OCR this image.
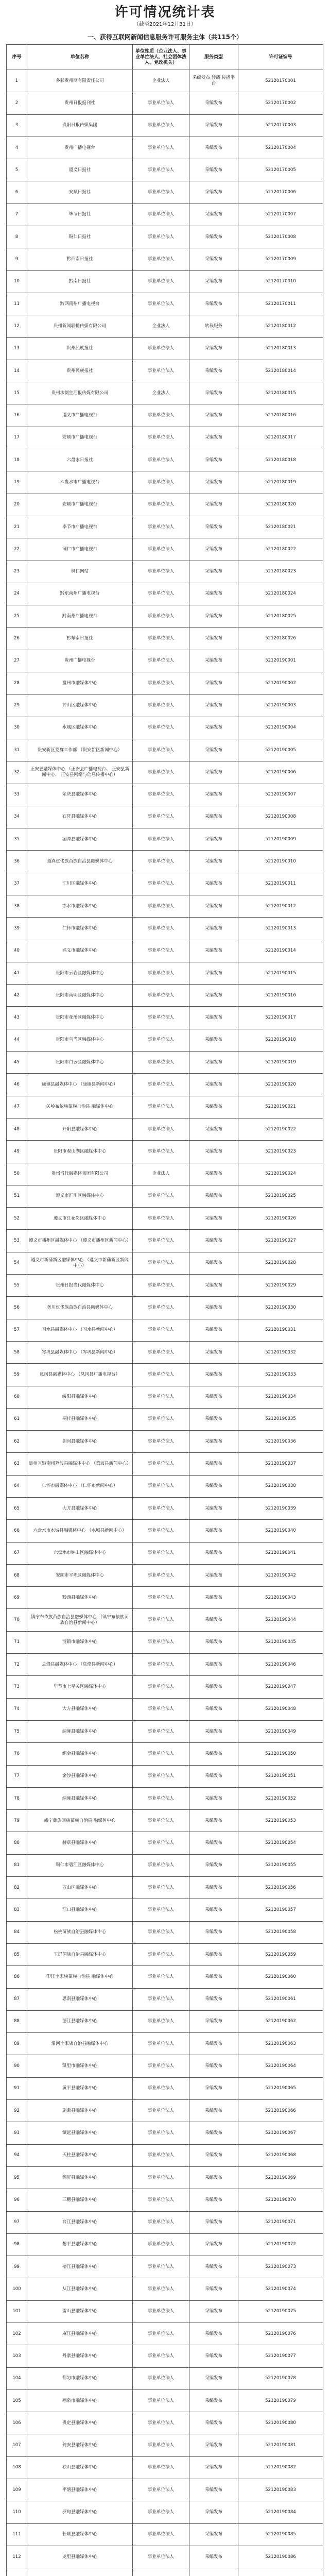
许可情况统计表

（截至2021年12月31日）

一、获得互联网新闻信息服务许可服务主体（共115个）

序号	单位名称	单位性质（企业法人、事业单位法人、社会团体法人、党政机关）	服务类型	许可证编号
1	多彩贵州网有限责任公司	企业法人	采编发布 转载 传播平台	52120170001
2	贵州日报报刊社	事业单位法人	采编发布	52120170002
3	贵阳日报传媒集团	事业单位法人	采编发布	52120170003
4	贵州广播电视台	事业单位法人	采编发布	52120170004
5	遵义日报社	事业单位法人	采编发布	52120170005
6	安顺日报社	事业单位法人	采编发布	52120170006
7	毕节日报社	事业单位法人	采编发布	52120170007
8	铜仁日报社	事业单位法人	采编发布	52120170008
9	黔西南日报社	事业单位法人	采编发布	52120170009
10	黔南日报社	事业单位法人	采编发布	52120170010
11	黔西南州广播电视台	事业单位法人	采编发布	52120170011
12	贵州新闻联播传媒有限公司	企业法人	转载服务	52120180012
13	贵州民族报社	事业单位法人	采编发布	52120180013
14	贵州民族报社	事业单位法人	采编发布	52120180014
15	贵州法制生活报传媒有限公司	企业法人	采编发布	52120180015
16	遵义市广播电视台	事业单位法人	采编发布	52120180016
17	安顺市广播电视台	事业单位法人	采编发布	52120180017
18	六盘水日报社	事业单位法人	采编发布	52120180018
19	六盘水市广播电视台	事业单位法人	采编发布	52120180019
20	安顺市广播电视台	事业单位法人	采编发布	52120180020
21	毕节市广播电视台	事业单位法人	采编发布	52120180021
22	铜仁市广播电视台	事业单位法人	采编发布	52120180022
23	铜仁网站	事业单位法人	采编发布	52120180023
24	黔东南州广播电视台	事业单位法人	采编发布	52120180024
25	黔南州广播电视台	事业单位法人	采编发布	52120180025
26	黔东南日报社	事业单位法人	采编发布	52120180026
27	贵州广播电视台	事业单位法人	采编发布	52120190001
28	盘州市融媒体中心	事业单位法人	采编发布	52120190002
29	钟山区融媒体中心	事业单位法人	采编发布	52120190003
30	水城区融媒体中心	事业单位法人	采编发布	52120190004
31	贵安新区党群工作部 （贵安新区新闻中心）	事业单位法人	采编发布	52120190005
32	正安县融媒体中心 （正安县广播电视台、 正安县新闻中心、 正安县网络与信息传播中心）	事业单位法人	采编发布	52120190006
33	余庆县融媒体中心	事业单位法人	采编发布	52120190007
34	石阡县融媒体中心	事业单位法人	采编发布	52120190008
35	湄潭县融媒体中心	事业单位法人	采编发布	52120190009
36	道真仡佬族苗族自治县融媒体中心	事业单位法人	采编发布	52120190010
37	汇川区融媒体中心	事业单位法人	采编发布	52120190011
38	赤水市融媒体中心	事业单位法人	采编发布	52120190012
39	仁怀市融媒体中心	事业单位法人	采编发布	52120190013
40	兴义市融媒体中心	事业单位法人	采编发布	52120190014
41	贵阳市云岩区融媒体中心	事业单位法人	采编发布	52120190015
42	贵阳市南明区融媒体中心	事业单位法人	采编发布	52120190016
43	贵阳市花溪区融媒体中心	事业单位法人	采编发布	52120190017
44	贵阳市乌当区融媒体中心	事业单位法人	采编发布	52120190018
45	贵阳市白云区融媒体中心	事业单位法人	采编发布	52120190019
46	康镇县融媒体中心 （康镇县新闻中心）	事业单位法人	采编发布	52120190020
47	关岭布依族苗族自治县 融媒体中心	事业单位法人	采编发布	52120190021
48	开阳县融媒体中心	事业单位法人	采编发布	52120190022
49	贵阳市观山湖区融媒体中心	事业单位法人	采编发布	52120190023
50	贵州当代融媒体集团有限公司	企业法人	采编发布	52120190024
51	遵义市汇川区融媒体中心	事业单位法人	采编发布	52120190025
52	遵义市红花岗区融媒体中心	事业单位法人	采编发布	52120190026
53	遵义市播州区融媒体中心 （遵义市播州区新闻中心）	事业单位法人	采编发布	52120190027
54	遵义市新蒲新区融媒体中心 （遵义市新蒲新区新闻中心）	事业单位法人	采编发布	52120190028
55	贵州日报当代融媒体中心	事业单位法人	采编发布	52120190029
56	务川仡佬族苗族自治县融媒体中心	事业单位法人	采编发布	52120190030
57	习水县融媒体中心 （习水县新闻中心）	事业单位法人	采编发布	52120190031
58	岑巩县融媒体中心 （岑巩县新闻中心）	事业单位法人	采编发布	52120190032
59	凤冈县融媒体中心 （凤冈县广播电视台）	事业单位法人	采编发布	52120190033
60	绥阳县融媒体中心	事业单位法人	采编发布	52120190034
61	桐梓县融媒体中心	事业单位法人	采编发布	52120190035
62	剑河县融媒体中心	事业单位法人	采编发布	52120190036
63	贵州省黔南州荔波县融媒体中心 （荔波县新闻中心）	事业单位法人	采编发布	52120190037
64	仁怀市融媒体中心 （仁怀市新闻中心）	事业单位法人	采编发布	52120190038
65	大方县融媒体中心	事业单位法人	采编发布	52120190039
66	六盘水市水城县融媒体中心 （水城县新闻中心）	事业单位法人	采编发布	52120190040
67	六盘水市钟山区融媒体中心	事业单位法人	采编发布	52120190041
68	安顺市平坝区融媒体中心	事业单位法人	采编发布	52120190042
69	黔西县融媒体中心	事业单位法人	采编发布	52120190043
70	镇宁布依族苗族自治县融媒体中心 （镇宁布依族苗族自治县新闻中心）	事业单位法人	采编发布	52120190044
71	清镇市融媒体中心	事业单位法人	采编发布	52120190045
72	息烽县融媒体中心 （息烽县新闻中心）	事业单位法人	采编发布	52120190046
73	毕节市七星关区融媒体中心	事业单位法人	采编发布	52120190047
74	大方县融媒体中心	事业单位法人	采编发布	52120190048
75	纳雍县融媒体中心	事业单位法人	采编发布	52120190049
76	织金县融媒体中心	事业单位法人	采编发布	52120190050
77	金沙县融媒体中心	事业单位法人	采编发布	52120190051
78	纳雍县融媒体中心	事业单位法人	采编发布	52120190052
79	威宁彝族回族苗族自治县 融媒体中心	事业单位法人	采编发布	52120190053
80	赫章县融媒体中心	事业单位法人	采编发布	52120190054
81	铜仁市碧江区融媒体中心	事业单位法人	采编发布	52120190055
82	万山区融媒体中心	事业单位法人	采编发布	52120190056
83	江口县融媒体中心	事业单位法人	采编发布	52120190057
84	松桃苗族自治县融媒体中心	事业单位法人	采编发布	52120190058
85	玉屏侗族自治县融媒体中心	事业单位法人	采编发布	52120190059
86	印江土家族苗族自治县 融媒体中心	事业单位法人	采编发布	52120190060
87	思南县融媒体中心	事业单位法人	采编发布	52120190061
88	德江县融媒体中心	事业单位法人	采编发布	52120190062
89	沿河土家族自治县融媒体中心	事业单位法人	采编发布	52120190063
90	凯里市融媒体中心	事业单位法人	采编发布	52120190064
91	黄平县融媒体中心	事业单位法人	采编发布	52120190065
92	施秉县融媒体中心	事业单位法人	采编发布	52120190066
93	镇远县融媒体中心	事业单位法人	采编发布	52120190067
94	天柱县融媒体中心	事业单位法人	采编发布	52120190068
95	锦屏县融媒体中心	事业单位法人	采编发布	52120190069
96	三穗县融媒体中心	事业单位法人	采编发布	52120190070
97	台江县融媒体中心	事业单位法人	采编发布	52120190071
98	黎平县融媒体中心	事业单位法人	采编发布	52120190072
99	榕江县融媒体中心	事业单位法人	采编发布	52120190073
100	从江县融媒体中心	事业单位法人	采编发布	52120190074
101	雷山县融媒体中心	事业单位法人	采编发布	52120190075
102	麻江县融媒体中心	事业单位法人	采编发布	52120190076
103	丹寨县融媒体中心	事业单位法人	采编发布	52120190077
104	都匀市融媒体中心	事业单位法人	采编发布	52120190078
105	福泉市融媒体中心	事业单位法人	采编发布	52120190079
106	贵定县融媒体中心	事业单位法人	采编发布	52120190080
107	瓮安县融媒体中心	事业单位法人	采编发布	52120190081
108	独山县融媒体中心	事业单位法人	采编发布	52120190082
109	平塘县融媒体中心	事业单位法人	采编发布	52120190083
110	罗甸县融媒体中心	事业单位法人	采编发布	52120190084
111	长顺县融媒体中心	事业单位法人	采编发布	52120190085
112	龙里县融媒体中心	事业单位法人	采编发布	52120190086
